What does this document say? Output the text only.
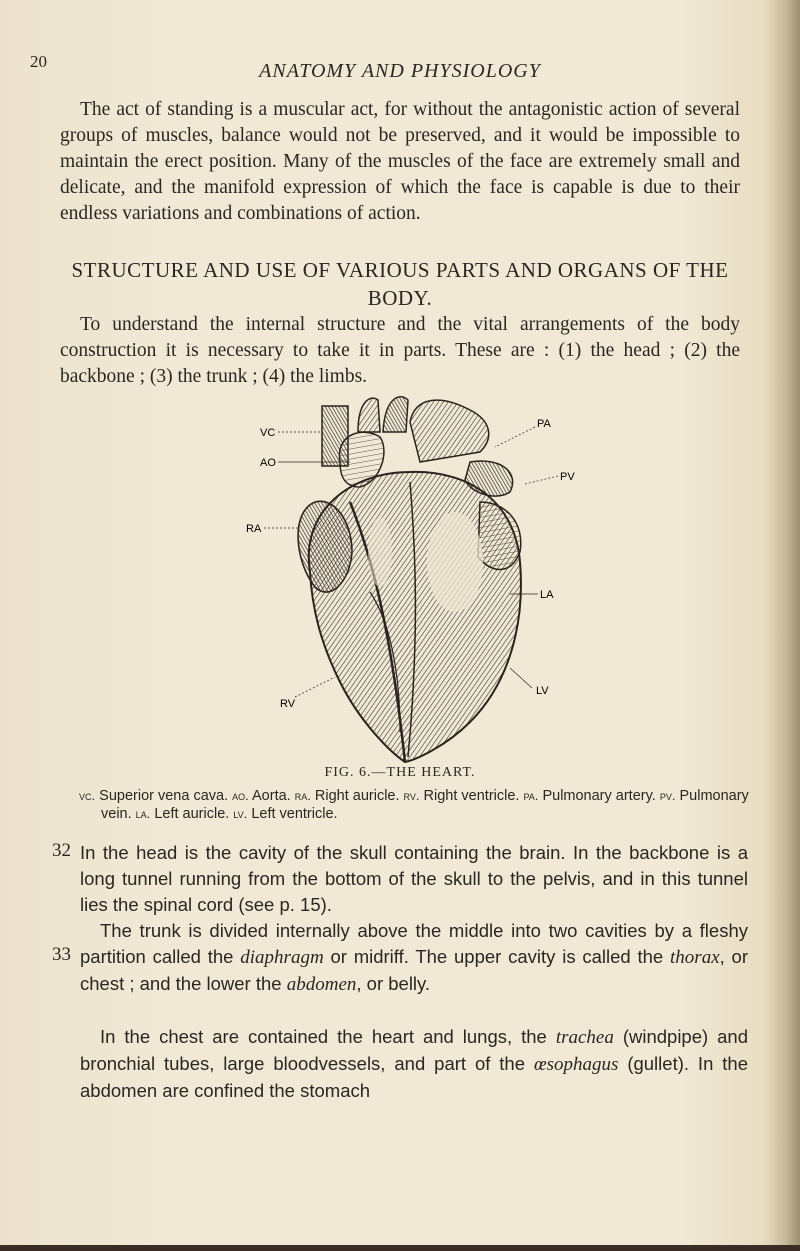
20	ANATOMY AND PHYSIOLOGY
The act of standing is a muscular act, for without the antagonistic action of several groups of muscles, balance would not be preserved, and it would be impossible to maintain the erect position. Many of the muscles of the face are extremely small and delicate, and the manifold expression of which the face is capable is due to their endless variations and combinations of action.
STRUCTURE AND USE OF VARIOUS PARTS AND ORGANS OF THE BODY.
To understand the internal structure and the vital arrangements of the body construction it is necessary to take it in parts. These are : (1) the head ; (2) the backbone ; (3) the trunk ; (4) the limbs.
VC
AO
RA
RV
PA
PV
LA
LV
FIG. 6.—THE HEART.
vc. Superior vena cava. ao. Aorta. ra. Right auricle. rv. Right ventricle. pa. Pulmonary artery. pv. Pulmonary vein. la. Left auricle. lv. Left ventricle.
32 In the head is the cavity of the skull containing the brain. In the backbone is a long tunnel running from the bottom of the skull to the pelvis, and in this tunnel lies the spinal cord (see p. 15).
33
The trunk is divided internally above the middle into two cavities by a fleshy partition called the diaphragm or midriff. The upper cavity is called the thorax, or chest ; and the lower the abdomen, or belly.
In the chest are contained the heart and lungs, the trachea (windpipe) and bronchial tubes, large bloodvessels, and part of the œsophagus (gullet). In the abdomen are confined the stomach
